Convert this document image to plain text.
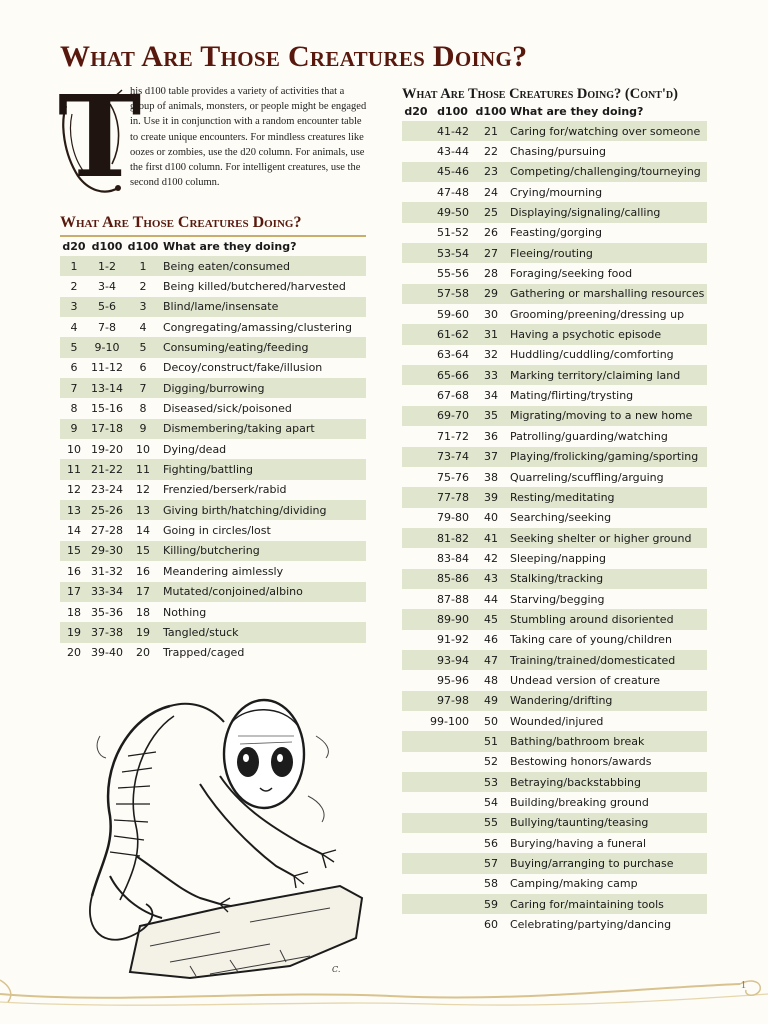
What Are Those Creatures Doing?

T
his d100 table provides a variety of activities that a group of animals, monsters, or people might be engaged in. Use it in conjunction with a random encounter table to create unique encounters. For mindless creatures like oozes or zombies, use the d20 column. For animals, use the first d100 column. For intelligent creatures, use the second d100 column.

What Are Those Creatures Doing?
d20	d100	d100	What are they doing?
1	1-2	1	Being eaten/consumed
2	3-4	2	Being killed/butchered/harvested
3	5-6	3	Blind/lame/insensate
4	7-8	4	Congregating/amassing/clustering
5	9-10	5	Consuming/eating/feeding
6	11-12	6	Decoy/construct/fake/illusion
7	13-14	7	Digging/burrowing
8	15-16	8	Diseased/sick/poisoned
9	17-18	9	Dismembering/taking apart
10	19-20	10	Dying/dead
11	21-22	11	Fighting/battling
12	23-24	12	Frenzied/berserk/rabid
13	25-26	13	Giving birth/hatching/dividing
14	27-28	14	Going in circles/lost
15	29-30	15	Killing/butchering
16	31-32	16	Meandering aimlessly
17	33-34	17	Mutated/conjoined/albino
18	35-36	18	Nothing
19	37-38	19	Tangled/stuck
20	39-40	20	Trapped/caged
What Are Those Creatures Doing? (Cont'd)
d20	d100	d100	What are they doing?
	41-42	21	Caring for/watching over someone
	43-44	22	Chasing/pursuing
	45-46	23	Competing/challenging/tourneying
	47-48	24	Crying/mourning
	49-50	25	Displaying/signaling/calling
	51-52	26	Feasting/gorging
	53-54	27	Fleeing/routing
	55-56	28	Foraging/seeking food
	57-58	29	Gathering or marshalling resources
	59-60	30	Grooming/preening/dressing up
	61-62	31	Having a psychotic episode
	63-64	32	Huddling/cuddling/comforting
	65-66	33	Marking territory/claiming land
	67-68	34	Mating/flirting/trysting
	69-70	35	Migrating/moving to a new home
	71-72	36	Patrolling/guarding/watching
	73-74	37	Playing/frolicking/gaming/sporting
	75-76	38	Quarreling/scuffling/arguing
	77-78	39	Resting/meditating
	79-80	40	Searching/seeking
	81-82	41	Seeking shelter or higher ground
	83-84	42	Sleeping/napping
	85-86	43	Stalking/tracking
	87-88	44	Starving/begging
	89-90	45	Stumbling around disoriented
	91-92	46	Taking care of young/children
	93-94	47	Training/trained/domesticated
	95-96	48	Undead version of creature
	97-98	49	Wandering/drifting
	99-100	50	Wounded/injured
		51	Bathing/bathroom break
		52	Bestowing honors/awards
		53	Betraying/backstabbing
		54	Building/breaking ground
		55	Bullying/taunting/teasing
		56	Burying/having a funeral
		57	Buying/arranging to purchase
		58	Camping/making camp
		59	Caring for/maintaining tools
		60	Celebrating/partying/dancing
C.
1
